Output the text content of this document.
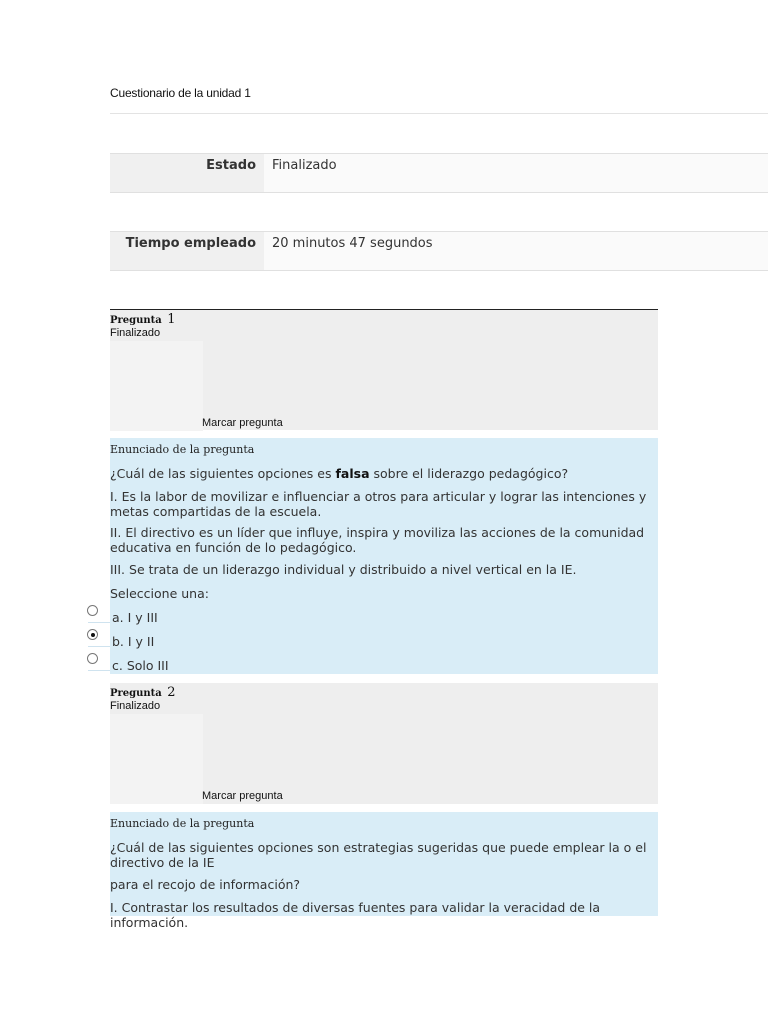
Cuestionario de la unidad 1
Estado	Finalizado
Tiempo empleado	20 minutos 47 segundos
Pregunta 1
Finalizado
Marcar pregunta
Enunciado de la pregunta
¿Cuál de las siguientes opciones es falsa sobre el liderazgo pedagógico?
I. Es la labor de movilizar e influenciar a otros para articular y lograr las intenciones y metas compartidas de la escuela.
II. El directivo es un líder que influye, inspira y moviliza las acciones de la comunidad educativa en función de lo pedagógico.
III. Se trata de un liderazgo individual y distribuido a nivel vertical en la IE.
Seleccione una:
a. I y III
b. I y II
c. Solo III
Pregunta 2
Finalizado
Marcar pregunta
Enunciado de la pregunta
¿Cuál de las siguientes opciones son estrategias sugeridas que puede emplear la o el directivo de la IE
para el recojo de información?
I. Contrastar los resultados de diversas fuentes para validar la veracidad de la información.
